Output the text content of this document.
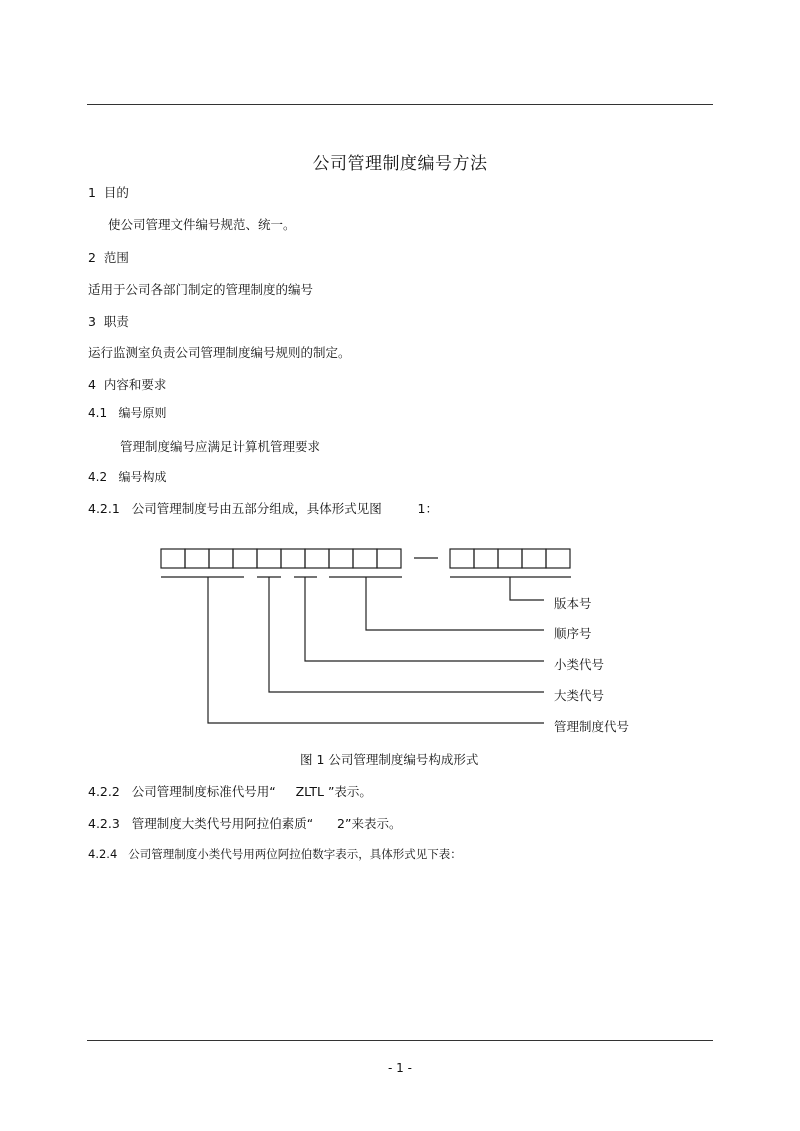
公司管理制度编号方法
1  目的
使公司管理文件编号规范、统一。
2  范围
适用于公司各部门制定的管理制度的编号
3  职责
运行监测室负责公司管理制度编号规则的制定。
4  内容和要求
4.1   编号原则
管理制度编号应满足计算机管理要求
4.2   编号构成
4.2.1   公司管理制度号由五部分组成，具体形式见图         1：
版本号
顺序号
小类代号
大类代号
管理制度代号
图 1 公司管理制度编号构成形式
4.2.2   公司管理制度标准代号用“     ZLTL ”表示。
4.2.3   管理制度大类代号用阿拉伯素质“      2”来表示。
4.2.4   公司管理制度小类代号用两位阿拉伯数字表示，具体形式见下表：
- 1 -
